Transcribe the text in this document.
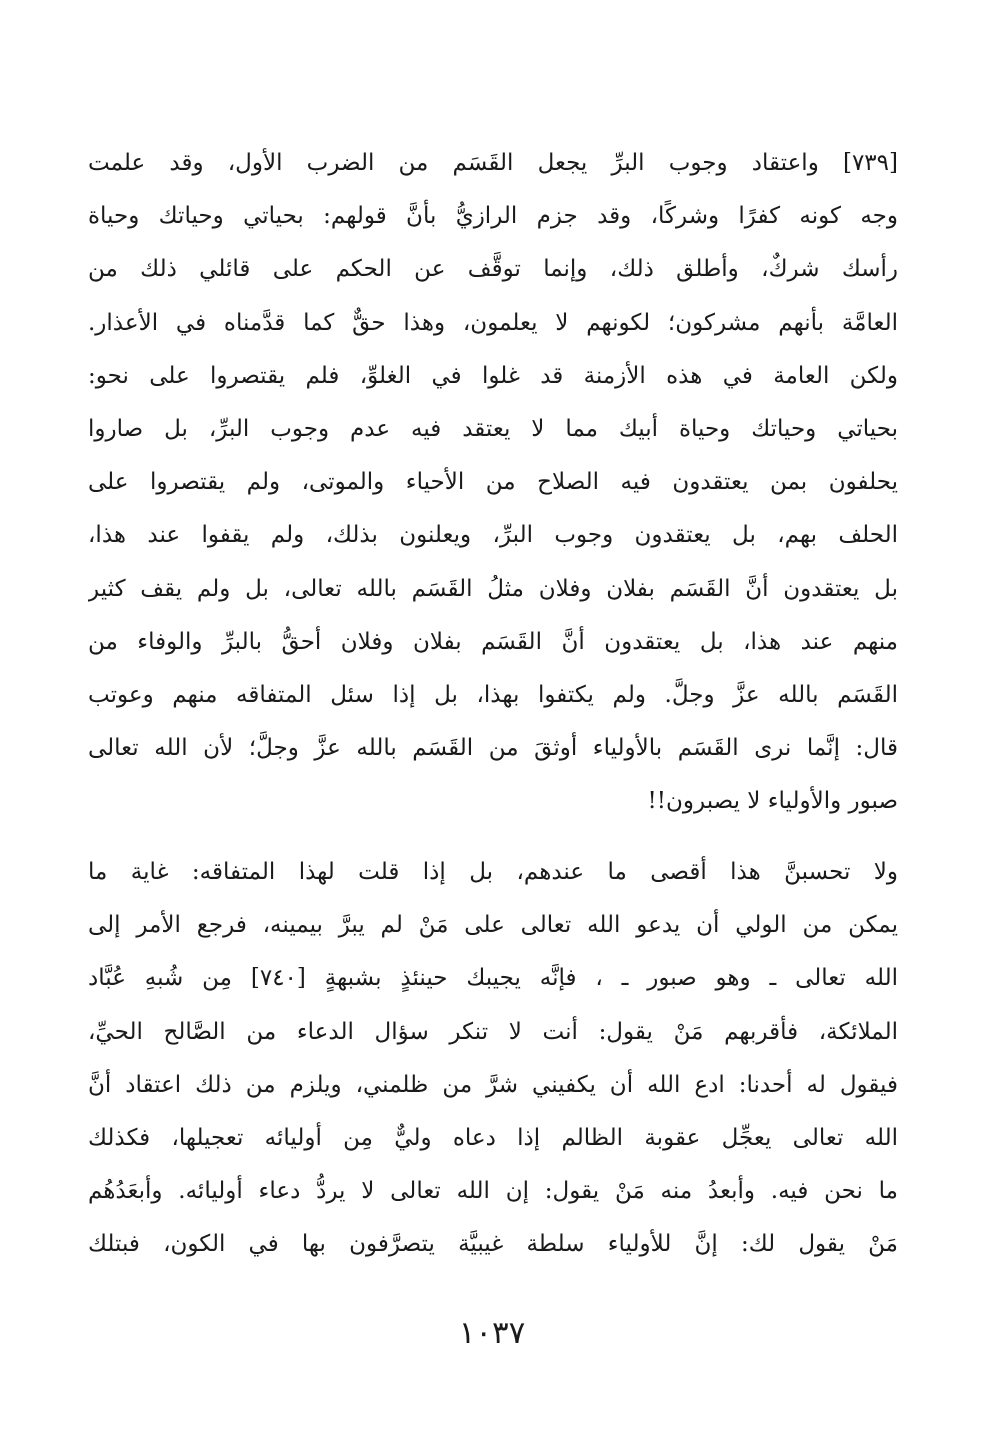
[٧٣٩] واعتقاد وجوب البرِّ يجعل القَسَم من الضرب الأول، وقد علمت
وجه كونه كفرًا وشركًا، وقد جزم الرازيُّ بأنَّ قولهم: بحياتي وحياتك وحياة
رأسك شركٌ، وأطلق ذلك، وإنما توقَّف عن الحكم على قائلي ذلك من
العامَّة بأنهم مشركون؛ لكونهم لا يعلمون، وهذا حقٌّ كما قدَّمناه في الأعذار.
ولكن العامة في هذه الأزمنة قد غلوا في الغلوِّ، فلم يقتصروا على نحو:
بحياتي وحياتك وحياة أبيك مما لا يعتقد فيه عدم وجوب البرِّ، بل صاروا
يحلفون بمن يعتقدون فيه الصلاح من الأحياء والموتى، ولم يقتصروا على
الحلف بهم، بل يعتقدون وجوب البرِّ، ويعلنون بذلك، ولم يقفوا عند هذا،
بل يعتقدون أنَّ القَسَم بفلان وفلان مثلُ القَسَم بالله تعالى، بل ولم يقف كثير
منهم عند هذا، بل يعتقدون أنَّ القَسَم بفلان وفلان أحقُّ بالبرِّ والوفاء من
القَسَم بالله عزَّ وجلَّ. ولم يكتفوا بهذا، بل إذا سئل المتفاقه منهم وعوتب
قال: إنَّما نرى القَسَم بالأولياء أوثقَ من القَسَم بالله عزَّ وجلَّ؛ لأن الله تعالى
صبور والأولياء لا يصبرون!!
ولا تحسبنَّ هذا أقصى ما عندهم، بل إذا قلت لهذا المتفاقه: غاية ما
يمكن من الولي أن يدعو الله تعالى على مَنْ لم يبرَّ بيمينه، فرجع الأمر إلى
الله تعالى ـ وهو صبور ـ ، فإنَّه يجيبك حينئذٍ بشبهةٍ [٧٤٠] مِن شُبهِ عُبَّاد
الملائكة، فأقربهم مَنْ يقول: أنت لا تنكر سؤال الدعاء من الصَّالح الحيِّ،
فيقول له أحدنا: ادع الله أن يكفيني شرَّ من ظلمني، ويلزم من ذلك اعتقاد أنَّ
الله تعالى يعجِّل عقوبة الظالم إذا دعاه وليٌّ مِن أوليائه تعجيلها، فكذلك
ما نحن فيه. وأبعدُ منه مَنْ يقول: إن الله تعالى لا يردُّ دعاء أوليائه. وأبعَدُهُم
مَنْ يقول لك: إنَّ للأولياء سلطة غيبيَّة يتصرَّفون بها في الكون، فبتلك
١٠٣٧
